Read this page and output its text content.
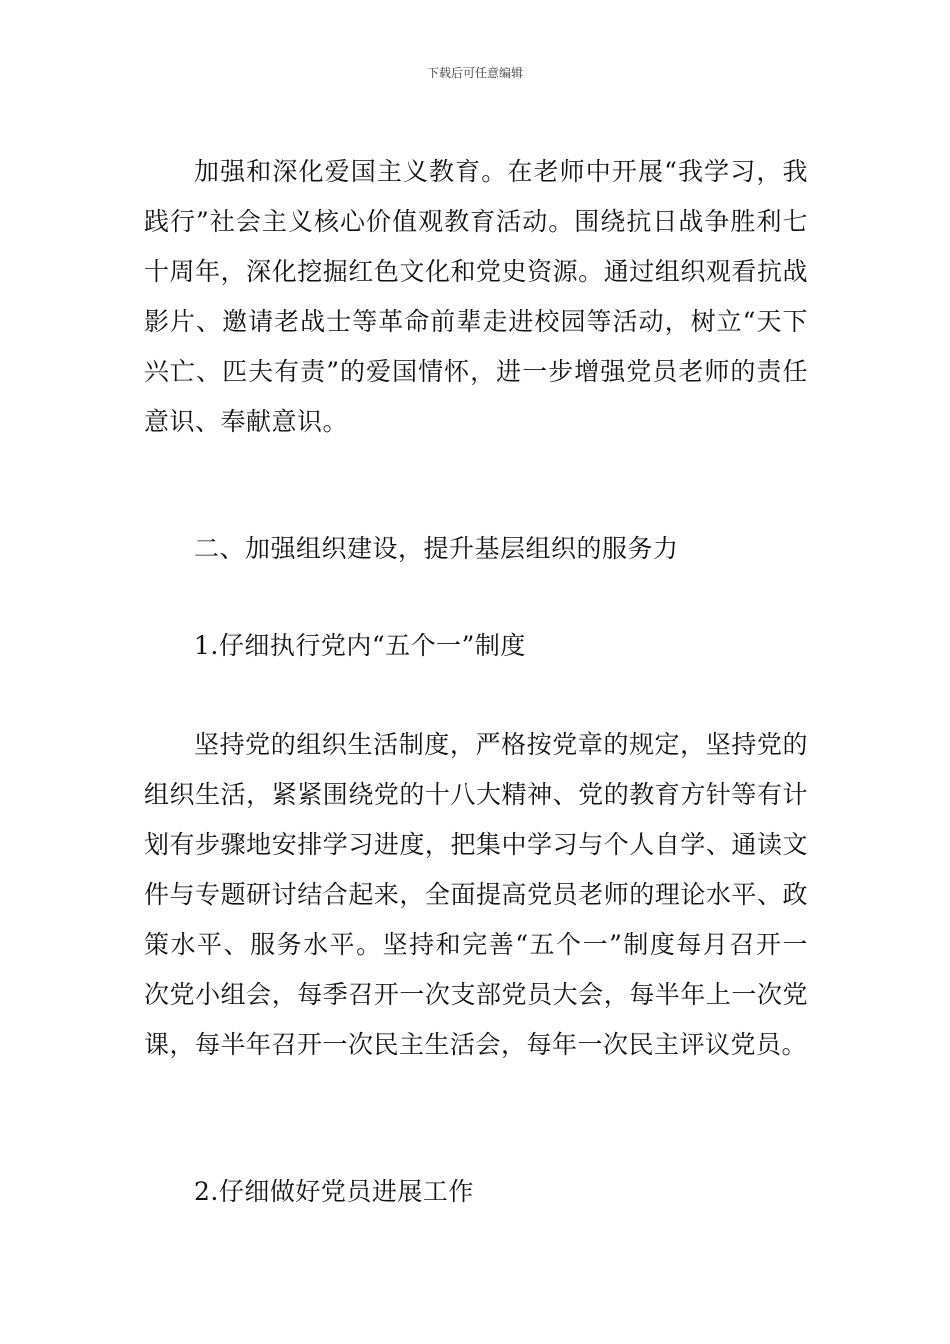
下载后可任意编辑
加强和深化爱国主义教育。在老师中开展“我学习，我践行”社会主义核心价值观教育活动。围绕抗日战争胜利七十周年，深化挖掘红色文化和党史资源。通过组织观看抗战影片、邀请老战士等革命前辈走进校园等活动，树立“天下兴亡、匹夫有责”的爱国情怀，进一步增强党员老师的责任意识、奉献意识。
二、加强组织建设，提升基层组织的服务力
1.仔细执行党内“五个一”制度
坚持党的组织生活制度，严格按党章的规定，坚持党的组织生活，紧紧围绕党的十八大精神、党的教育方针等有计划有步骤地安排学习进度，把集中学习与个人自学、通读文件与专题研讨结合起来，全面提高党员老师的理论水平、政策水平、服务水平。坚持和完善“五个一”制度每月召开一次党小组会，每季召开一次支部党员大会，每半年上一次党课，每半年召开一次民主生活会，每年一次民主评议党员。
2.仔细做好党员进展工作
